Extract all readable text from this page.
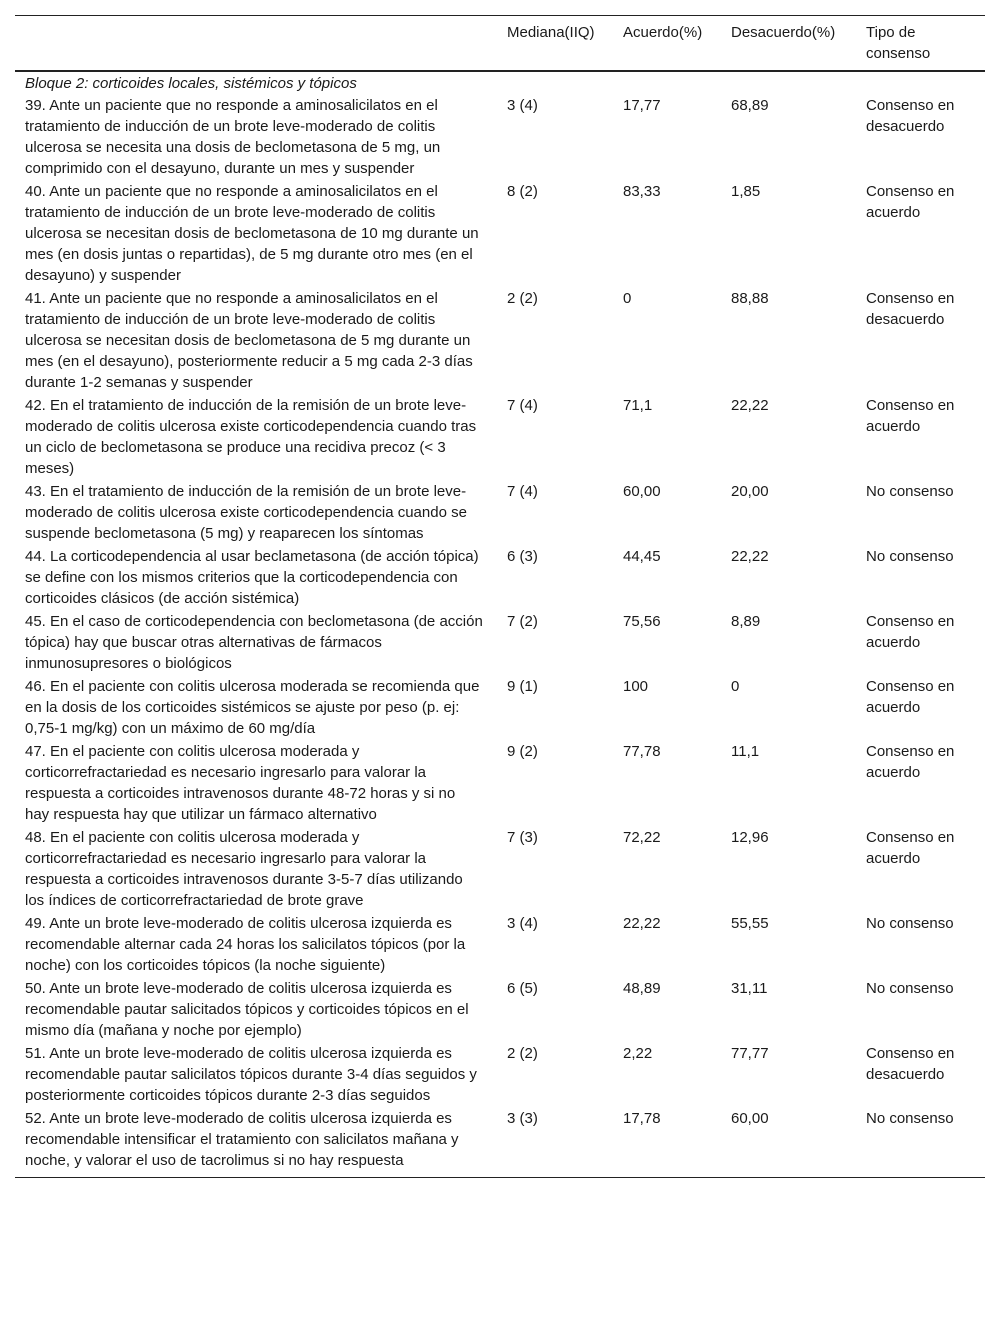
	Mediana(IIQ)	Acuerdo(%)	Desacuerdo(%)	Tipo de consenso
Bloque 2: corticoides locales, sistémicos y tópicos				
39. Ante un paciente que no responde a aminosalicilatos en el tratamiento de inducción de un brote leve-moderado de colitis ulcerosa se necesita una dosis de beclometasona de 5 mg, un comprimido con el desayuno, durante un mes y suspender	3 (4)	17,77	68,89	Consenso en desacuerdo
40. Ante un paciente que no responde a aminosalicilatos en el tratamiento de inducción de un brote leve-moderado de colitis ulcerosa se necesitan dosis de beclometasona de 10 mg durante un mes (en dosis juntas o repartidas), de 5 mg durante otro mes (en el desayuno) y suspender	8 (2)	83,33	1,85	Consenso en acuerdo
41. Ante un paciente que no responde a aminosalicilatos en el tratamiento de inducción de un brote leve-moderado de colitis ulcerosa se necesitan dosis de beclometasona de 5 mg durante un mes (en el desayuno), posteriormente reducir a 5 mg cada 2-3 días durante 1-2 semanas y suspender	2 (2)	0	88,88	Consenso en desacuerdo
42. En el tratamiento de inducción de la remisión de un brote leve-moderado de colitis ulcerosa existe corticodependencia cuando tras un ciclo de beclometasona se produce una recidiva precoz (< 3 meses)	7 (4)	71,1	22,22	Consenso en acuerdo
43. En el tratamiento de inducción de la remisión de un brote leve-moderado de colitis ulcerosa existe corticodependencia cuando se suspende beclometasona (5 mg) y reaparecen los síntomas	7 (4)	60,00	20,00	No consenso
44. La corticodependencia al usar beclametasona (de acción tópica) se define con los mismos criterios que la corticodependencia con corticoides clásicos (de acción sistémica)	6 (3)	44,45	22,22	No consenso
45. En el caso de corticodependencia con beclometasona (de acción tópica) hay que buscar otras alternativas de fármacos inmunosupresores o biológicos	7 (2)	75,56	8,89	Consenso en acuerdo
46. En el paciente con colitis ulcerosa moderada se recomienda que en la dosis de los corticoides sistémicos se ajuste por peso (p. ej: 0,75-1 mg/kg) con un máximo de 60 mg/día	9 (1)	100	0	Consenso en acuerdo
47. En el paciente con colitis ulcerosa moderada y corticorrefractariedad es necesario ingresarlo para valorar la respuesta a corticoides intravenosos durante 48-72 horas y si no hay respuesta hay que utilizar un fármaco alternativo	9 (2)	77,78	11,1	Consenso en acuerdo
48. En el paciente con colitis ulcerosa moderada y corticorrefractariedad es necesario ingresarlo para valorar la respuesta a corticoides intravenosos durante 3-5-7 días utilizando los índices de corticorrefractariedad de brote grave	7 (3)	72,22	12,96	Consenso en acuerdo
49. Ante un brote leve-moderado de colitis ulcerosa izquierda es recomendable alternar cada 24 horas los salicilatos tópicos (por la noche) con los corticoides tópicos (la noche siguiente)	3 (4)	22,22	55,55	No consenso
50. Ante un brote leve-moderado de colitis ulcerosa izquierda es recomendable pautar salicitados tópicos y corticoides tópicos en el mismo día (mañana y noche por ejemplo)	6 (5)	48,89	31,11	No consenso
51. Ante un brote leve-moderado de colitis ulcerosa izquierda es recomendable pautar salicilatos tópicos durante 3-4 días seguidos y posteriormente corticoides tópicos durante 2-3 días seguidos	2 (2)	2,22	77,77	Consenso en desacuerdo
52. Ante un brote leve-moderado de colitis ulcerosa izquierda es recomendable intensificar el tratamiento con salicilatos mañana y noche, y valorar el uso de tacrolimus si no hay respuesta	3 (3)	17,78	60,00	No consenso
